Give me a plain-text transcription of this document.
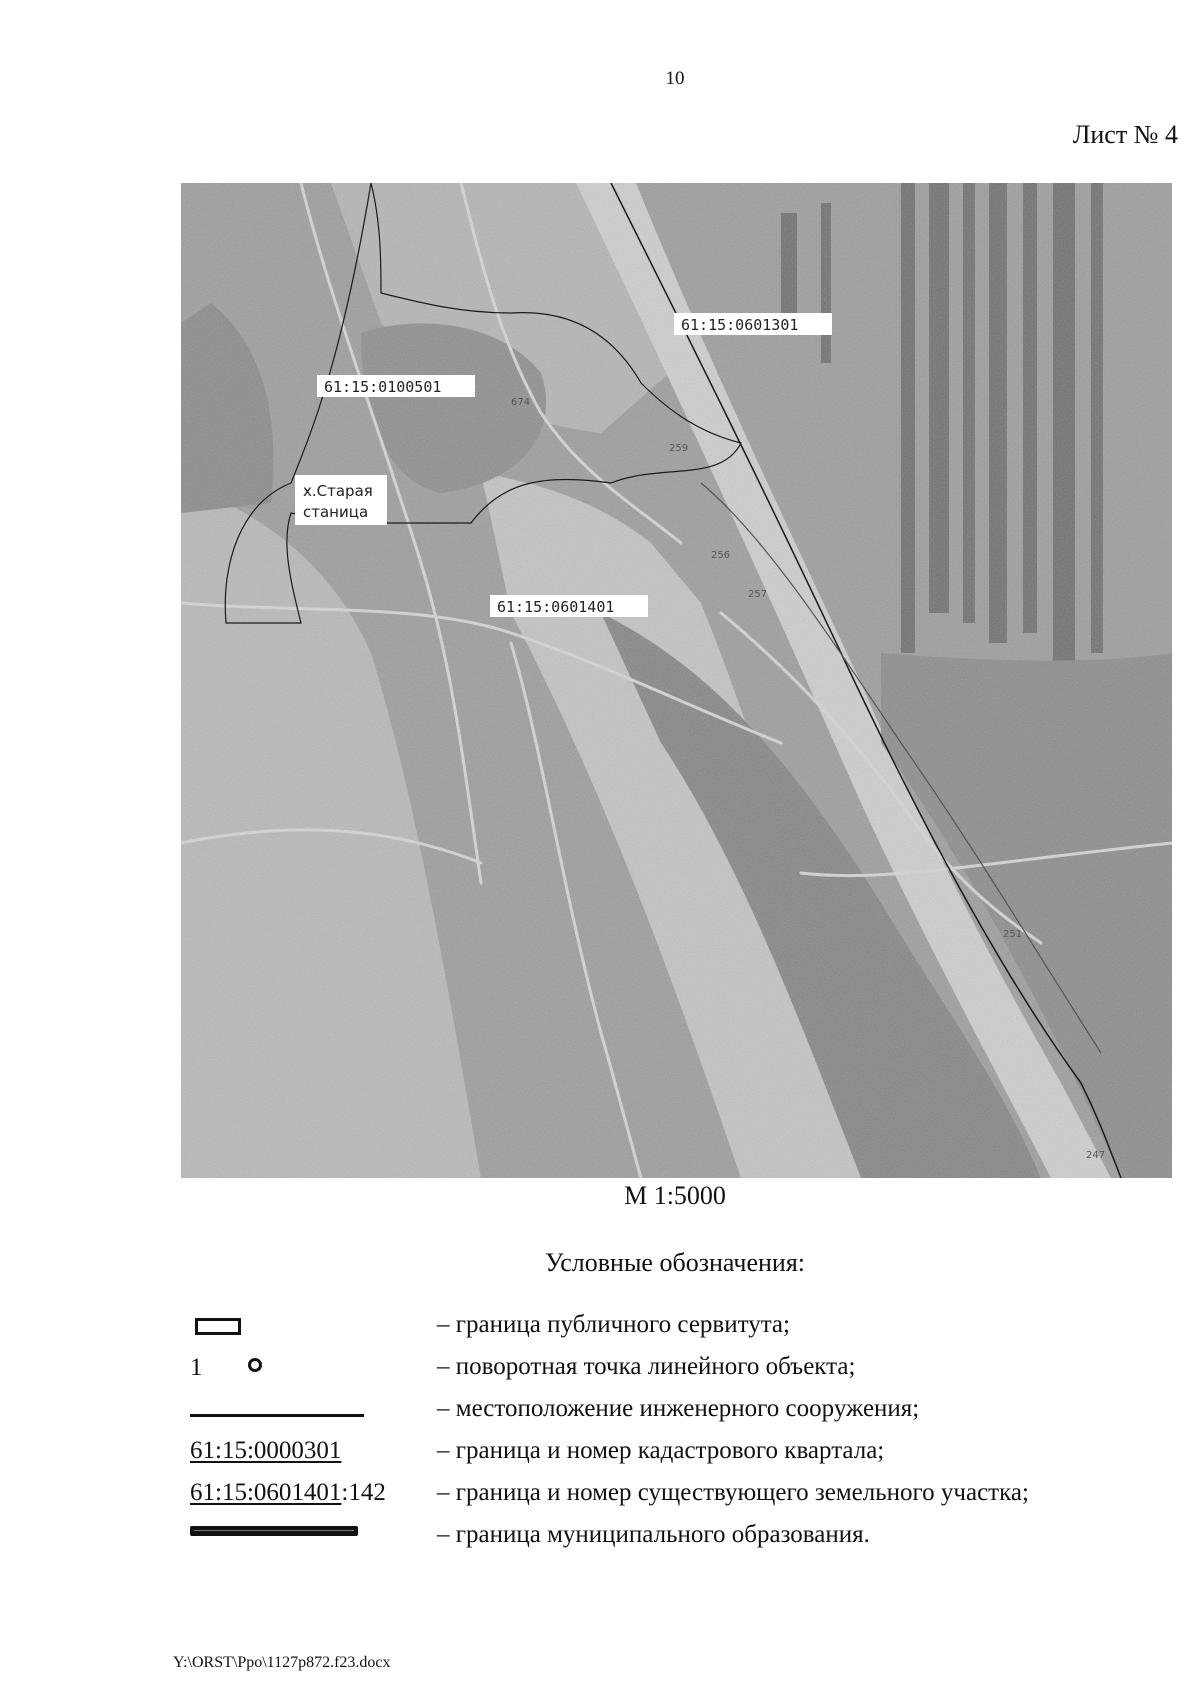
10
Лист № 4
61:15:0601301
61:15:0100501
61:15:0601401
х.Старая
станица
674
259
256
257
251
247
М 1:5000
Условные обозначения:
– граница публичного сервитута;
1	– поворотная точка линейного объекта;
– местоположение инженерного сооружения;
61:15:0000301	– граница и номер кадастрового квартала;
61:15:0601401:142 – граница и номер существующего земельного участка;
– граница муниципального образования.
Y:\ORST\Ppo\1127p872.f23.docx
